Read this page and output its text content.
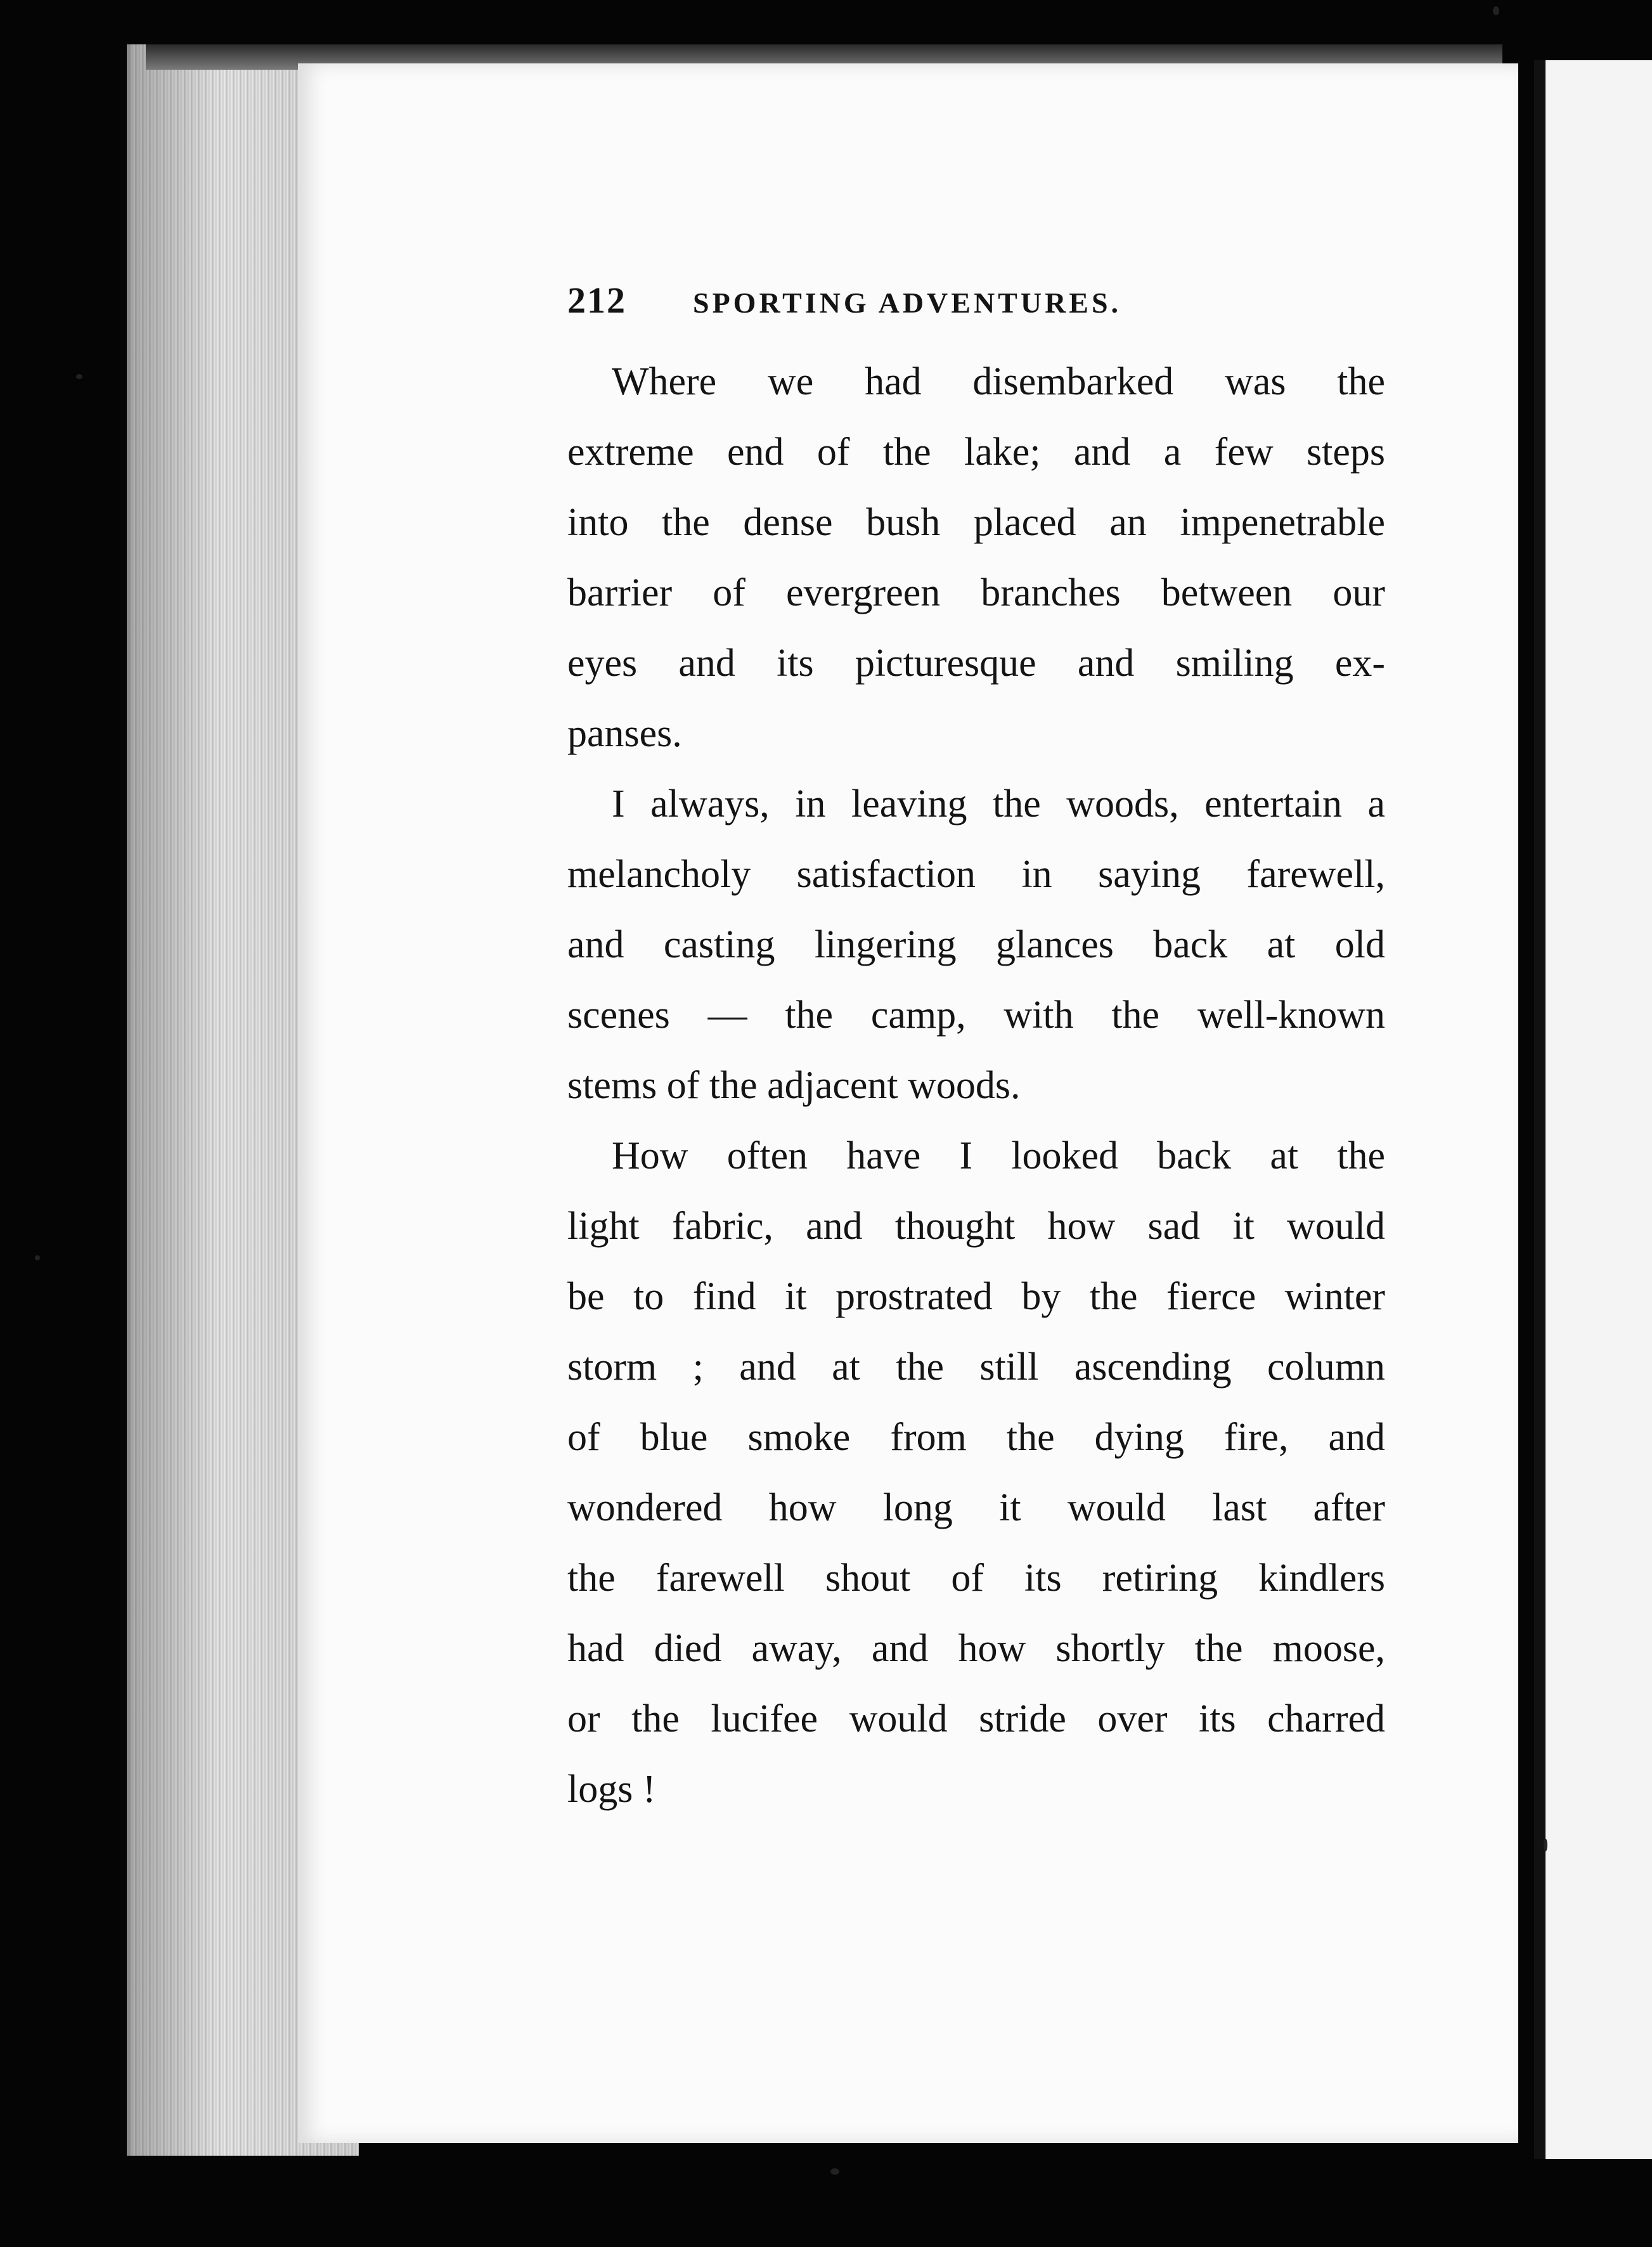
212 SPORTING ADVENTURES.

Where we had disembarked was the
extreme end of the lake; and a few steps
into the dense bush placed an impenetrable
barrier of evergreen branches between our
eyes and its picturesque and smiling ex-
panses.

I always, in leaving the woods, entertain a
melancholy satisfaction in saying farewell,
and casting lingering glances back at old
scenes — the camp, with the well-known
stems of the adjacent woods.

How often have I looked back at the
light fabric, and thought how sad it would
be to find it prostrated by the fierce winter
storm ; and at the still ascending column
of blue smoke from the dying fire, and
wondered how long it would last after
the farewell shout of its retiring kindlers
had died away, and how shortly the moose,
or the lucifee would stride over its charred
logs !
